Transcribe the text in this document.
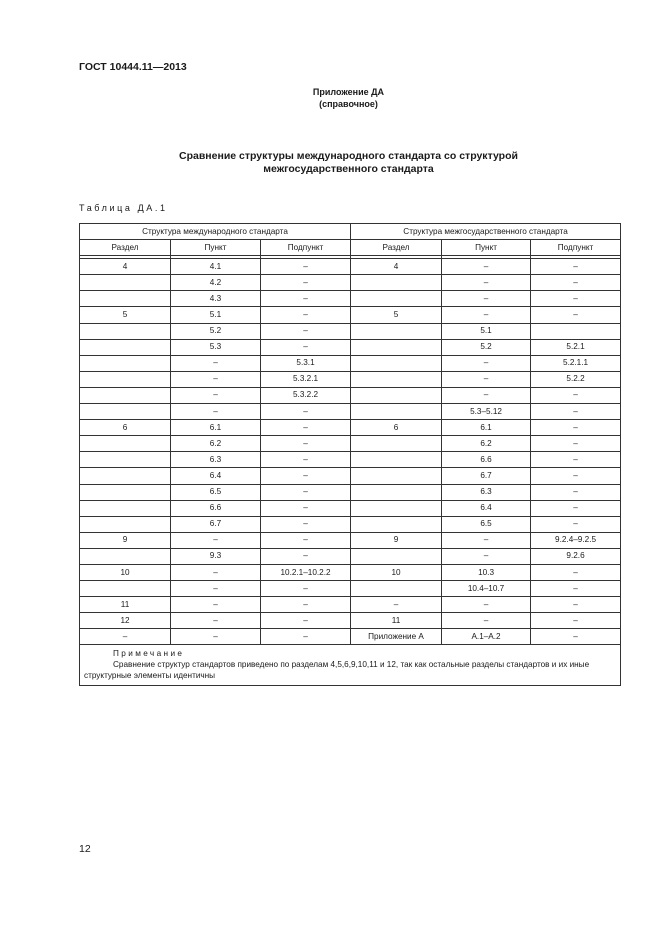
ГОСТ 10444.11—2013
Приложение ДА
(справочное)
Сравнение структуры международного стандарта со структурой
межгосударственного стандарта
Таблица ДА.1
Структура международного стандарта			Структура межгосударственного стандарта		
Раздел	Пункт	Подпункт	Раздел	Пункт	Подпункт

4	4.1	–	4	–	–
	4.2	–		–	–
	4.3	–		–	–
5	5.1	–	5	–	–
	5.2	–		5.1	
	5.3	–		5.2	5.2.1
	–	5.3.1		–	5.2.1.1
	–	5.3.2.1		–	5.2.2
	–	5.3.2.2		–	–
	–	–		5.3–5.12	–
6	6.1	–	6	6.1	–
	6.2	–		6.2	–
	6.3	–		6.6	–
	6.4	–		6.7	–
	6.5	–		6.3	–
	6.6	–		6.4	–
	6.7	–		6.5	–
9	–	–	9	–	9.2.4–9.2.5
	9.3	–		–	9.2.6
10	–	10.2.1–10.2.2	10	10.3	–
	–	–		10.4–10.7	–
11	–	–	–	–	–
12	–	–	11	–	–
–	–	–	Приложение А	А.1–А.2	–

Примечание
Сравнение структур стандартов приведено по разделам 4,5,6,9,10,11 и 12, так как остальные разделы стандартов и их иные структурные элементы идентичны					
12
